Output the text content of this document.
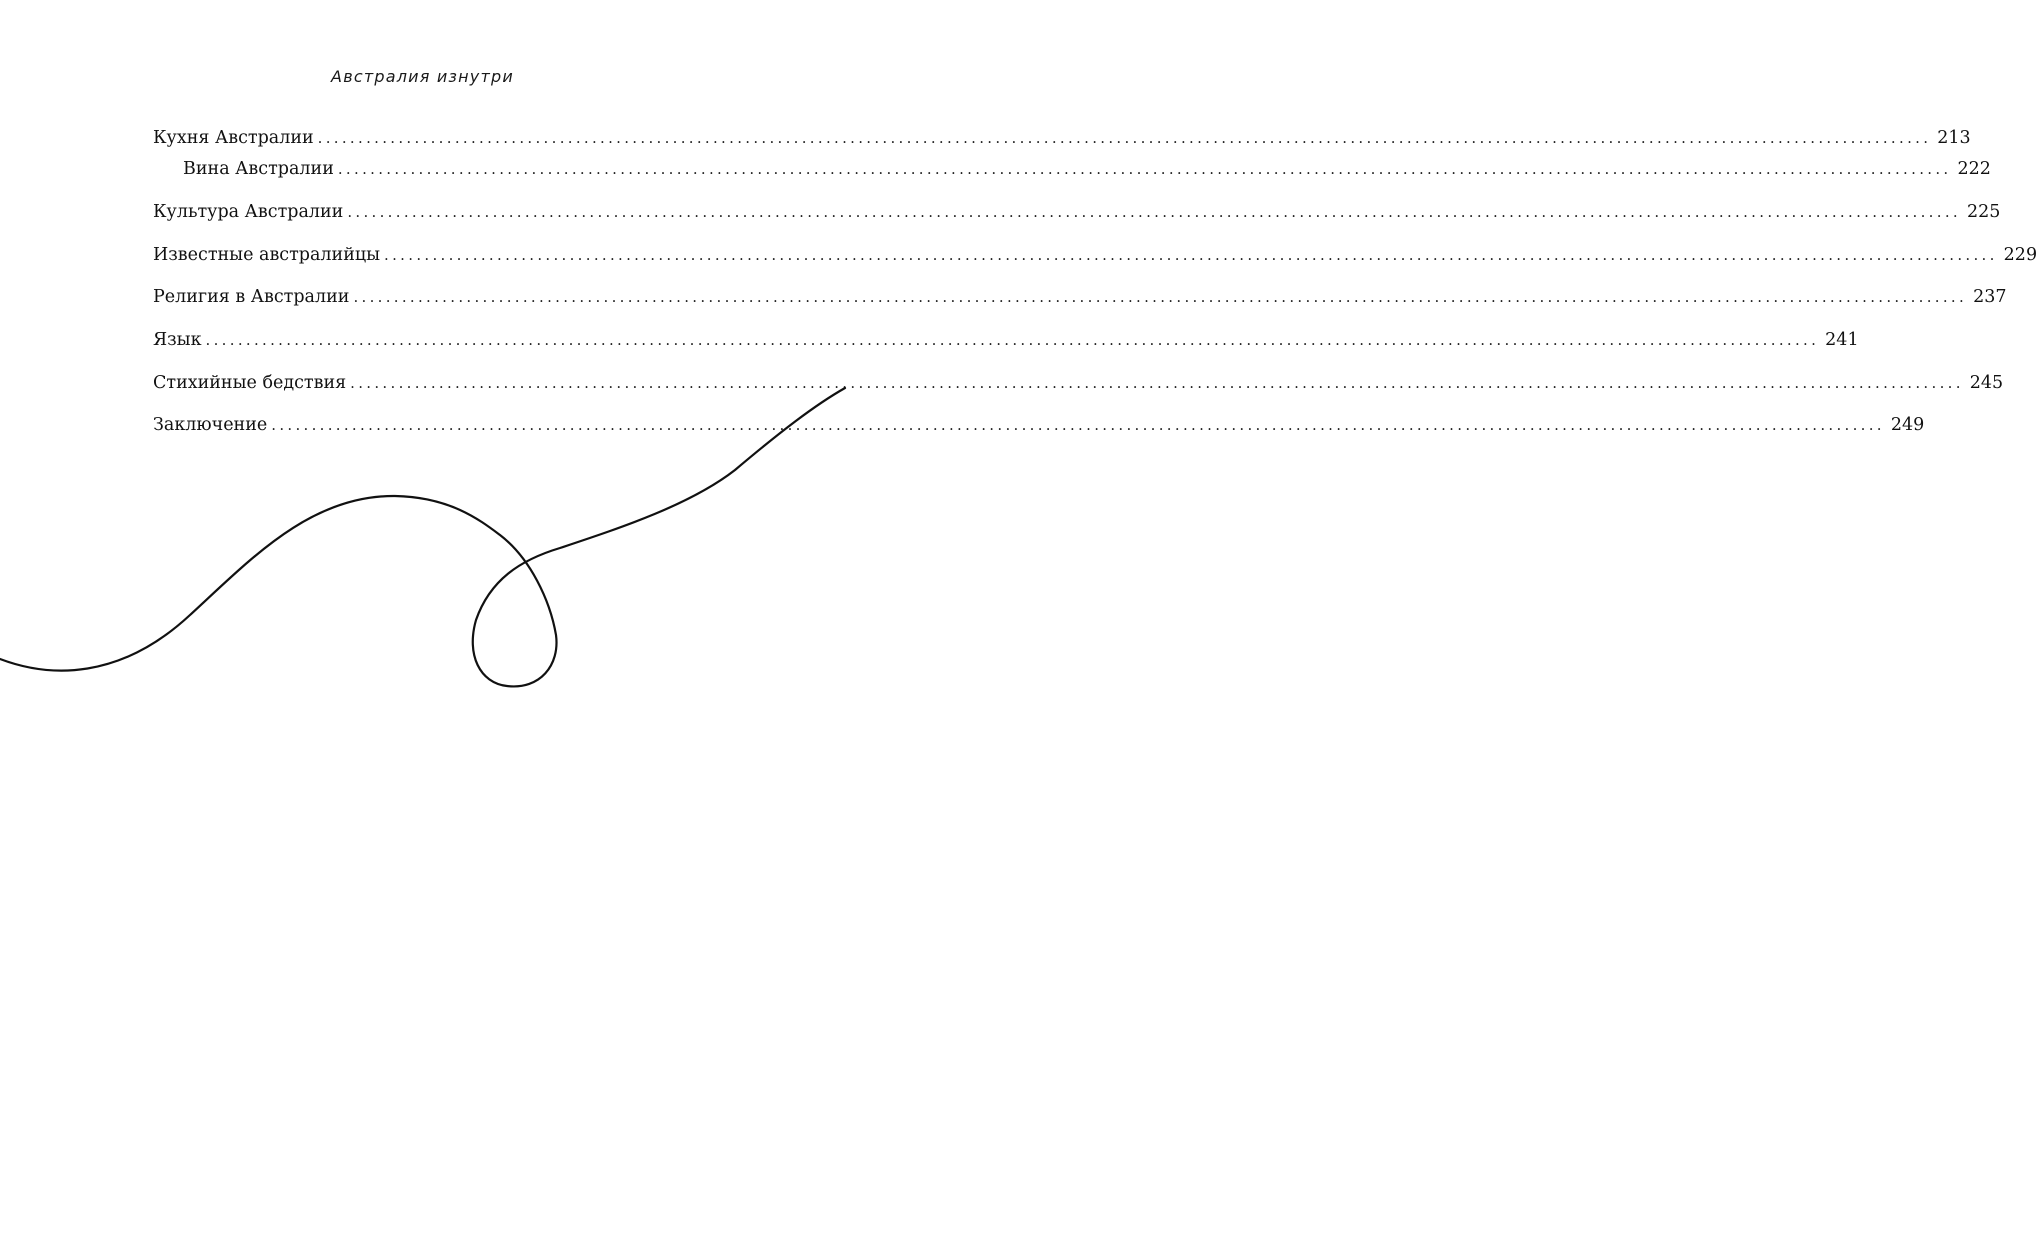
Австралия изнутри
Кухня Австралии ........................................................................................................................................................................................................ 213
Вина Австралии ........................................................................................................................................................................................................ 222
Культура Австралии ........................................................................................................................................................................................................ 225
Известные австралийцы ........................................................................................................................................................................................................ 229
Религия в Австралии ........................................................................................................................................................................................................ 237
Язык ........................................................................................................................................................................................................ 241
Стихийные бедствия ........................................................................................................................................................................................................ 245
Заключение ........................................................................................................................................................................................................ 249
